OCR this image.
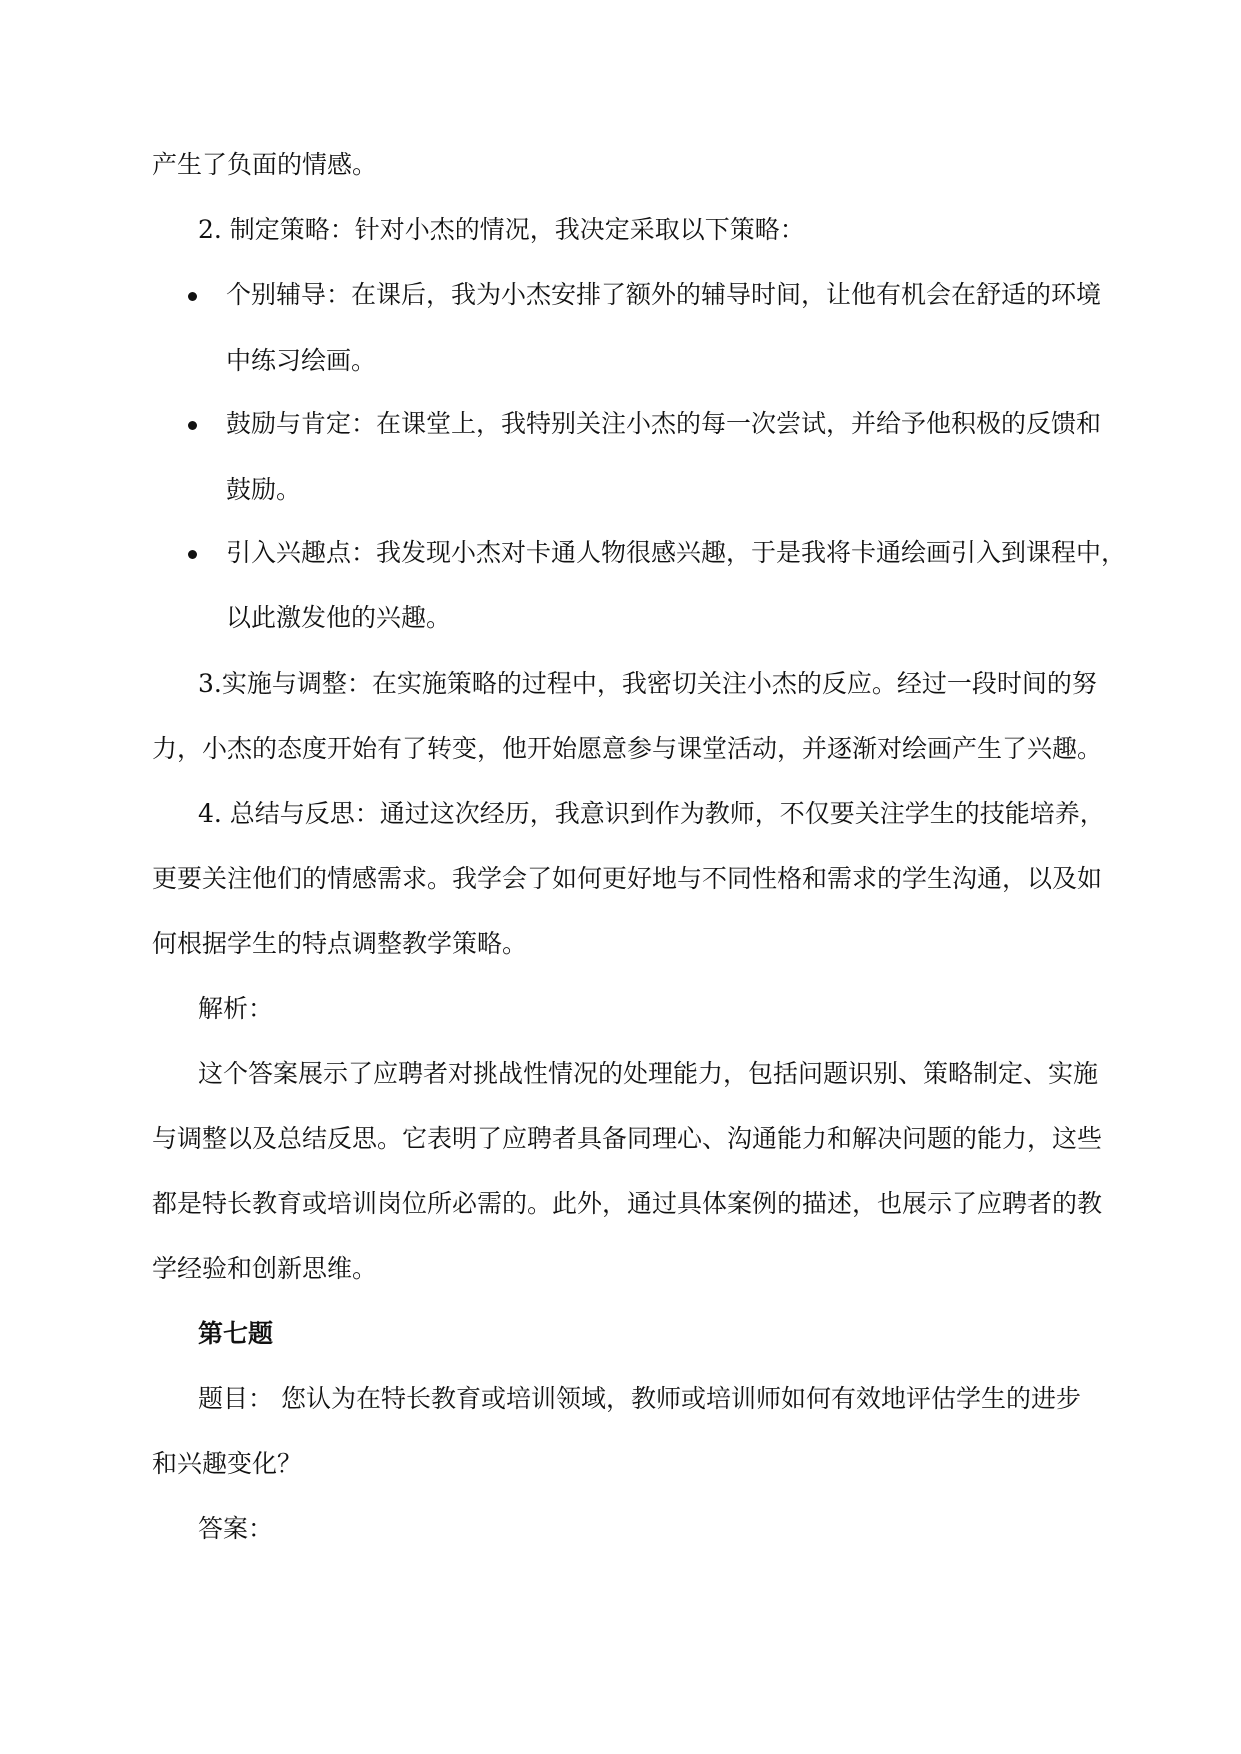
产生了负面的情感。
2. 制定策略：针对小杰的情况，我决定采取以下策略：
个别辅导：在课后，我为小杰安排了额外的辅导时间，让他有机会在舒适的环境
中练习绘画。
鼓励与肯定：在课堂上，我特别关注小杰的每一次尝试，并给予他积极的反馈和
鼓励。
引入兴趣点：我发现小杰对卡通人物很感兴趣，于是我将卡通绘画引入到课程中，
以此激发他的兴趣。
3.实施与调整：在实施策略的过程中，我密切关注小杰的反应。经过一段时间的努
力，小杰的态度开始有了转变，他开始愿意参与课堂活动，并逐渐对绘画产生了兴趣。
4. 总结与反思：通过这次经历，我意识到作为教师，不仅要关注学生的技能培养，
更要关注他们的情感需求。我学会了如何更好地与不同性格和需求的学生沟通，以及如
何根据学生的特点调整教学策略。
解析：
这个答案展示了应聘者对挑战性情况的处理能力，包括问题识别、策略制定、实施
与调整以及总结反思。它表明了应聘者具备同理心、沟通能力和解决问题的能力，这些
都是特长教育或培训岗位所必需的。此外，通过具体案例的描述，也展示了应聘者的教
学经验和创新思维。
第七题
题目： 您认为在特长教育或培训领域，教师或培训师如何有效地评估学生的进步
和兴趣变化？
答案：
